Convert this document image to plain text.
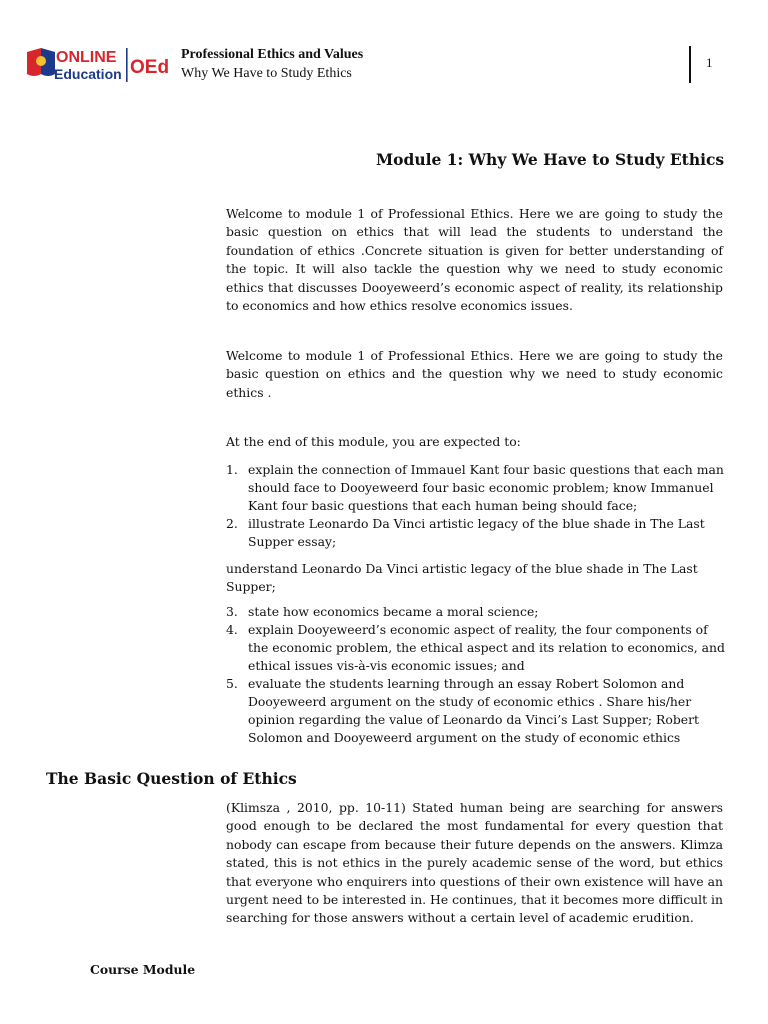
ONLINE
Education OEd
Professional Ethics and Values
Why We Have to Study Ethics
1
Module 1: Why We Have to Study Ethics
Welcome to module 1 of Professional Ethics. Here we are going to study the basic question on ethics that will lead the students to understand the foundation of ethics .Concrete situation is given for better understanding of the topic. It will also tackle the question why we need to study economic ethics that discusses Dooyeweerd’s economic aspect of reality, its relationship to economics and how ethics resolve economics issues.
Welcome to module 1 of Professional Ethics. Here we are going to study the basic question on ethics and the question why we need to study economic ethics .
At the end of this module, you are expected to:
1. explain the connection of Immauel Kant four basic questions that each man should face to Dooyeweerd four basic economic problem; know Immanuel Kant four basic questions that each human being should face;
2. illustrate Leonardo Da Vinci artistic legacy of the blue shade in The Last Supper essay;
understand Leonardo Da Vinci artistic legacy of the blue shade in The Last Supper;
3. state how economics became a moral science;
4. explain Dooyeweerd’s economic aspect of reality, the four components of the economic problem, the ethical aspect and its relation to economics, and ethical issues vis-à-vis economic issues; and
5. evaluate the students learning through an essay Robert Solomon and Dooyeweerd argument on the study of economic ethics . Share his/her opinion regarding the value of Leonardo da Vinci’s Last Supper; Robert Solomon and Dooyeweerd argument on the study of economic ethics
The Basic Question of Ethics
(Klimsza , 2010, pp. 10-11) Stated human being are searching for answers good enough to be declared the most fundamental for every question that nobody can escape from because their future depends on the answers. Klimza stated, this is not ethics in the purely academic sense of the word, but ethics that everyone who enquirers into questions of their own existence will have an urgent need to be interested in. He continues, that it becomes more difficult in searching for those answers without a certain level of academic erudition.
Course Module
